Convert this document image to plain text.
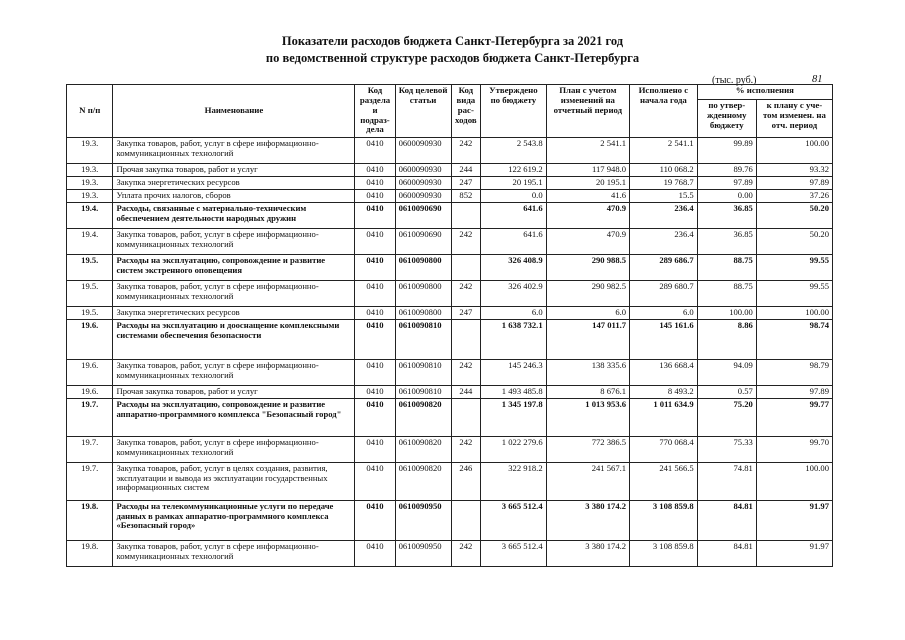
Показатели расходов бюджета Санкт-Петербурга за 2021 год
по ведомственной структуре расходов бюджета Санкт-Петербурга
(тыс. руб.)	81
N п/п	Наименование	Код раздела и подраз-дела	Код целевой статьи	Код вида рас-ходов	Утверждено по бюджету	План с учетом изменений на отчетный период	Исполнено с начала года	% исполнения	
								по утвер-жденному бюджету	к плану с уче-том изменен. на отч. период
19.3.	Закупка товаров, работ, услуг в сфере информационно-коммуникационных технологий	0410	0600090930	242	2 543.8	2 541.1	2 541.1	99.89	100.00
19.3.	Прочая закупка товаров, работ и услуг	0410	0600090930	244	122 619.2	117 948.0	110 068.2	89.76	93.32
19.3.	Закупка энергетических ресурсов	0410	0600090930	247	20 195.1	20 195.1	19 768.7	97.89	97.89
19.3.	Уплата прочих налогов, сборов	0410	0600090930	852	0.0	41.6	15.5	0.00	37.26
19.4.	Расходы, связанные с материально-техническим обеспечением деятельности народных дружин	0410	0610090690		641.6	470.9	236.4	36.85	50.20
19.4.	Закупка товаров, работ, услуг в сфере информационно-коммуникационных технологий	0410	0610090690	242	641.6	470.9	236.4	36.85	50.20
19.5.	Расходы на эксплуатацию, сопровождение и развитие систем экстренного оповещения	0410	0610090800		326 408.9	290 988.5	289 686.7	88.75	99.55
19.5.	Закупка товаров, работ, услуг в сфере информационно-коммуникационных технологий	0410	0610090800	242	326 402.9	290 982.5	289 680.7	88.75	99.55
19.5.	Закупка энергетических ресурсов	0410	0610090800	247	6.0	6.0	6.0	100.00	100.00
19.6.	Расходы на эксплуатацию и дооснащение комплексными системами обеспечения безопасности	0410	0610090810		1 638 732.1	147 011.7	145 161.6	8.86	98.74
19.6.	Закупка товаров, работ, услуг в сфере информационно-коммуникационных технологий	0410	0610090810	242	145 246.3	138 335.6	136 668.4	94.09	98.79
19.6.	Прочая закупка товаров, работ и услуг	0410	0610090810	244	1 493 485.8	8 676.1	8 493.2	0.57	97.89
19.7.	Расходы на эксплуатацию, сопровождение и развитие аппаратно-программного комплекса "Безопасный город"	0410	0610090820		1 345 197.8	1 013 953.6	1 011 634.9	75.20	99.77
19.7.	Закупка товаров, работ, услуг в сфере информационно-коммуникационных технологий	0410	0610090820	242	1 022 279.6	772 386.5	770 068.4	75.33	99.70
19.7.	Закупка товаров, работ, услуг в целях создания, развития, эксплуатации и вывода из эксплуатации государственных информационных систем	0410	0610090820	246	322 918.2	241 567.1	241 566.5	74.81	100.00
19.8.	Расходы на телекоммуникационные услуги по передаче данных в рамках аппаратно-программного комплекса «Безопасный город»	0410	0610090950		3 665 512.4	3 380 174.2	3 108 859.8	84.81	91.97
19.8.	Закупка товаров, работ, услуг в сфере информационно-коммуникационных технологий	0410	0610090950	242	3 665 512.4	3 380 174.2	3 108 859.8	84.81	91.97
